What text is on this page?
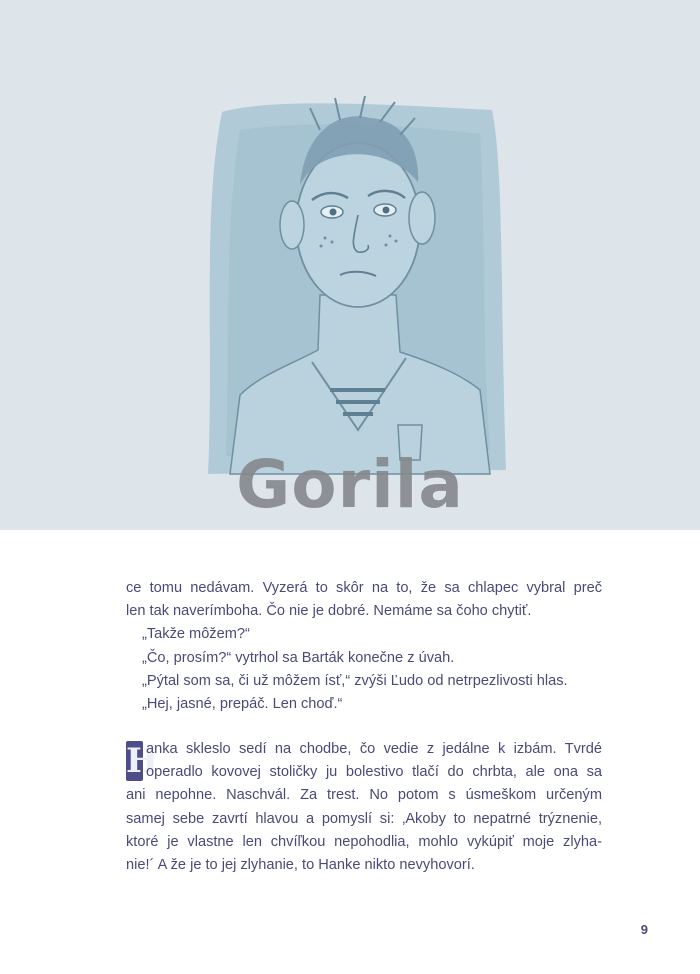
Gorila

ce tomu nedávam. Vyzerá to skôr na to, že sa chlapec vybral preč

len tak naverímboha. Čo nie je dobré. Nemáme sa čoho chytiť.

„Takže môžem?“

„Čo, prosím?“ vytrhol sa Barták konečne z úvah.

„Pýtal som sa, či už môžem ísť,“ zvýši Ľudo od netrpezlivosti hlas.

„Hej, jasné, prepáč. Len choď.“

H

anka skleslo sedí na chodbe, čo vedie z jedálne k izbám. Tvrdé

operadlo kovovej stoličky ju bolestivo tlačí do chrbta, ale ona sa

ani nepohne. Naschvál. Za trest. No potom s úsmeškom určeným

samej sebe zavrtí hlavou a pomyslí si: ‚Akoby to nepatrné trýznenie,

ktoré je vlastne len chvíľkou nepohodlia, mohlo vykúpiť moje zlyha-

nie!´ A že je to jej zlyhanie, to Hanke nikto nevyhovorí.

9
